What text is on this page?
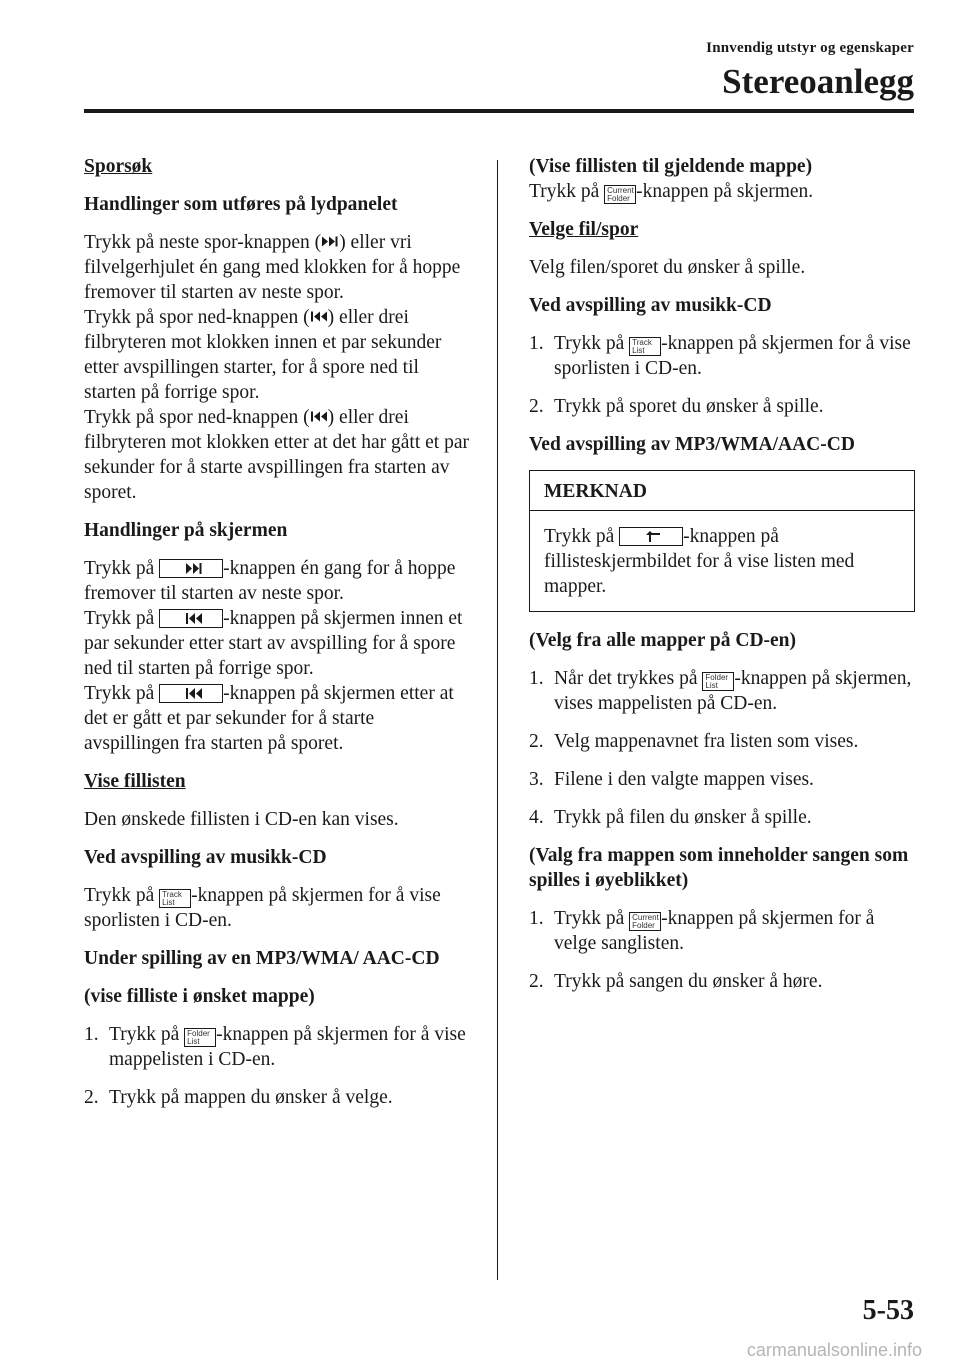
Innvendig utstyr og egenskaper
Stereoanlegg

Sporsøk

Handlinger som utføres på lydpanelet

Trykk på neste spor-knappen ( ) eller vri filvelgerhjulet én gang med klokken for å hoppe fremover til starten av neste spor.

Trykk på spor ned-knappen ( ) eller drei filbryteren mot klokken innen et par sekunder etter avspillingen starter, for å spore ned til starten på forrige spor.

Trykk på spor ned-knappen ( ) eller drei filbryteren mot klokken etter at det har gått et par sekunder for å starte avspillingen fra starten av sporet.

Handlinger på skjermen

Trykk på	-knappen én gang for å hoppe fremover til starten av neste spor.

Trykk på	-knappen på skjermen innen et par sekunder etter start av avspilling for å spore ned til starten på forrige spor.

Trykk på	-knappen på skjermen etter at det er gått et par sekunder for å starte avspillingen fra starten på sporet.

Vise fillisten

Den ønskede fillisten i CD-en kan vises.

Ved avspilling av musikk-CD

Trykk på Track List -knappen på skjermen for å vise sporlisten i CD-en.

Under spilling av en MP3/WMA/ AAC-CD

(vise filliste i ønsket mappe)

1. Trykk på Folder List -knappen på skjermen for å vise mappelisten i CD-en.
2. Trykk på mappen du ønsker å velge.

(Vise fillisten til gjeldende mappe)

Trykk på Current Folder -knappen på skjermen.

Velge fil/spor

Velg filen/sporet du ønsker å spille.

Ved avspilling av musikk-CD

1. Trykk på Track List -knappen på skjermen for å vise sporlisten i CD-en.
2. Trykk på sporet du ønsker å spille.

Ved avspilling av MP3/WMA/AAC-CD

MERKNAD
Trykk på	-knappen på fillisteskjermbildet for å vise listen med mapper.

(Velg fra alle mapper på CD-en)

1. Når det trykkes på Folder List -knappen på skjermen, vises mappelisten på CD-en.
2. Velg mappenavnet fra listen som vises.
3. Filene i den valgte mappen vises.
4. Trykk på filen du ønsker å spille.

(Valg fra mappen som inneholder sangen som spilles i øyeblikket)

1. Trykk på Current Folder -knappen på skjermen for å velge sanglisten.
2. Trykk på sangen du ønsker å høre.
5-53
carmanualsonline.info
